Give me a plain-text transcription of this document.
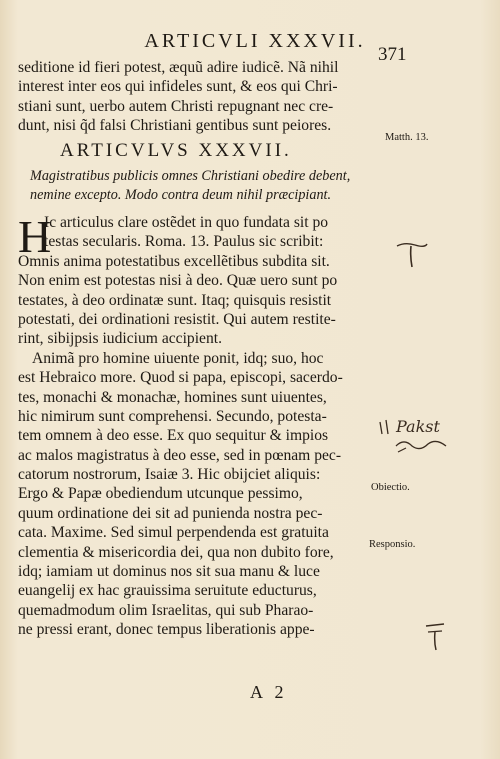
ARTICVLI XXXVII.
371
seditione id fieri potest, æquũ adire iudicẽ. Nã nihil
interest inter eos qui infideles sunt, & eos qui Chri-
stiani sunt, uerbo autem Christi repugnant nec cre-
dunt, nisi q̃d falsi Christiani gentibus sunt peiores.
Matth. 13.
ARTICVLVS XXXVII.
Magistratibus publicis omnes Christiani obedire debent,
nemine excepto. Modo contra deum nihil præcipiant.
H
Ic articulus clare ostẽdet in quo fundata sit po
testas secularis. Roma. 13. Paulus sic scribit:
Omnis anima potestatibus excellẽtibus subdita sit.
Non enim est potestas nisi à deo. Quæ uero sunt po
testates, à deo ordinatæ sunt. Itaq; quisquis resistit
potestati, dei ordinationi resistit. Qui autem restite-
rint, sibijpsis iudicium accipient.
Animã pro homine uiuente ponit, idq; suo, hoc
est Hebraico more. Quod si papa, episcopi, sacerdo-
tes, monachi & monachæ, homines sunt uiuentes,
hic nimirum sunt comprehensi. Secundo, potesta-
tem omnem à deo esse. Ex quo sequitur & impios
ac malos magistratus à deo esse, sed in pœnam pec-
catorum nostrorum, Isaiæ 3. Hic obijciet aliquis:
Ergo & Papæ obediendum utcunque pessimo,
quum ordinatione dei sit ad punienda nostra pec-
cata. Maxime. Sed simul perpendenda est gratuita
clementia & misericordia dei, qua non dubito fore,
idq; iamiam ut dominus nos sit sua manu & luce
euangelij ex hac grauissima seruitute educturus,
quemadmodum olim Israelitas, qui sub Pharao-
ne pressi erant, donec tempus liberationis appe-
Obiectio.
Responsio.
A 2
Pakst
